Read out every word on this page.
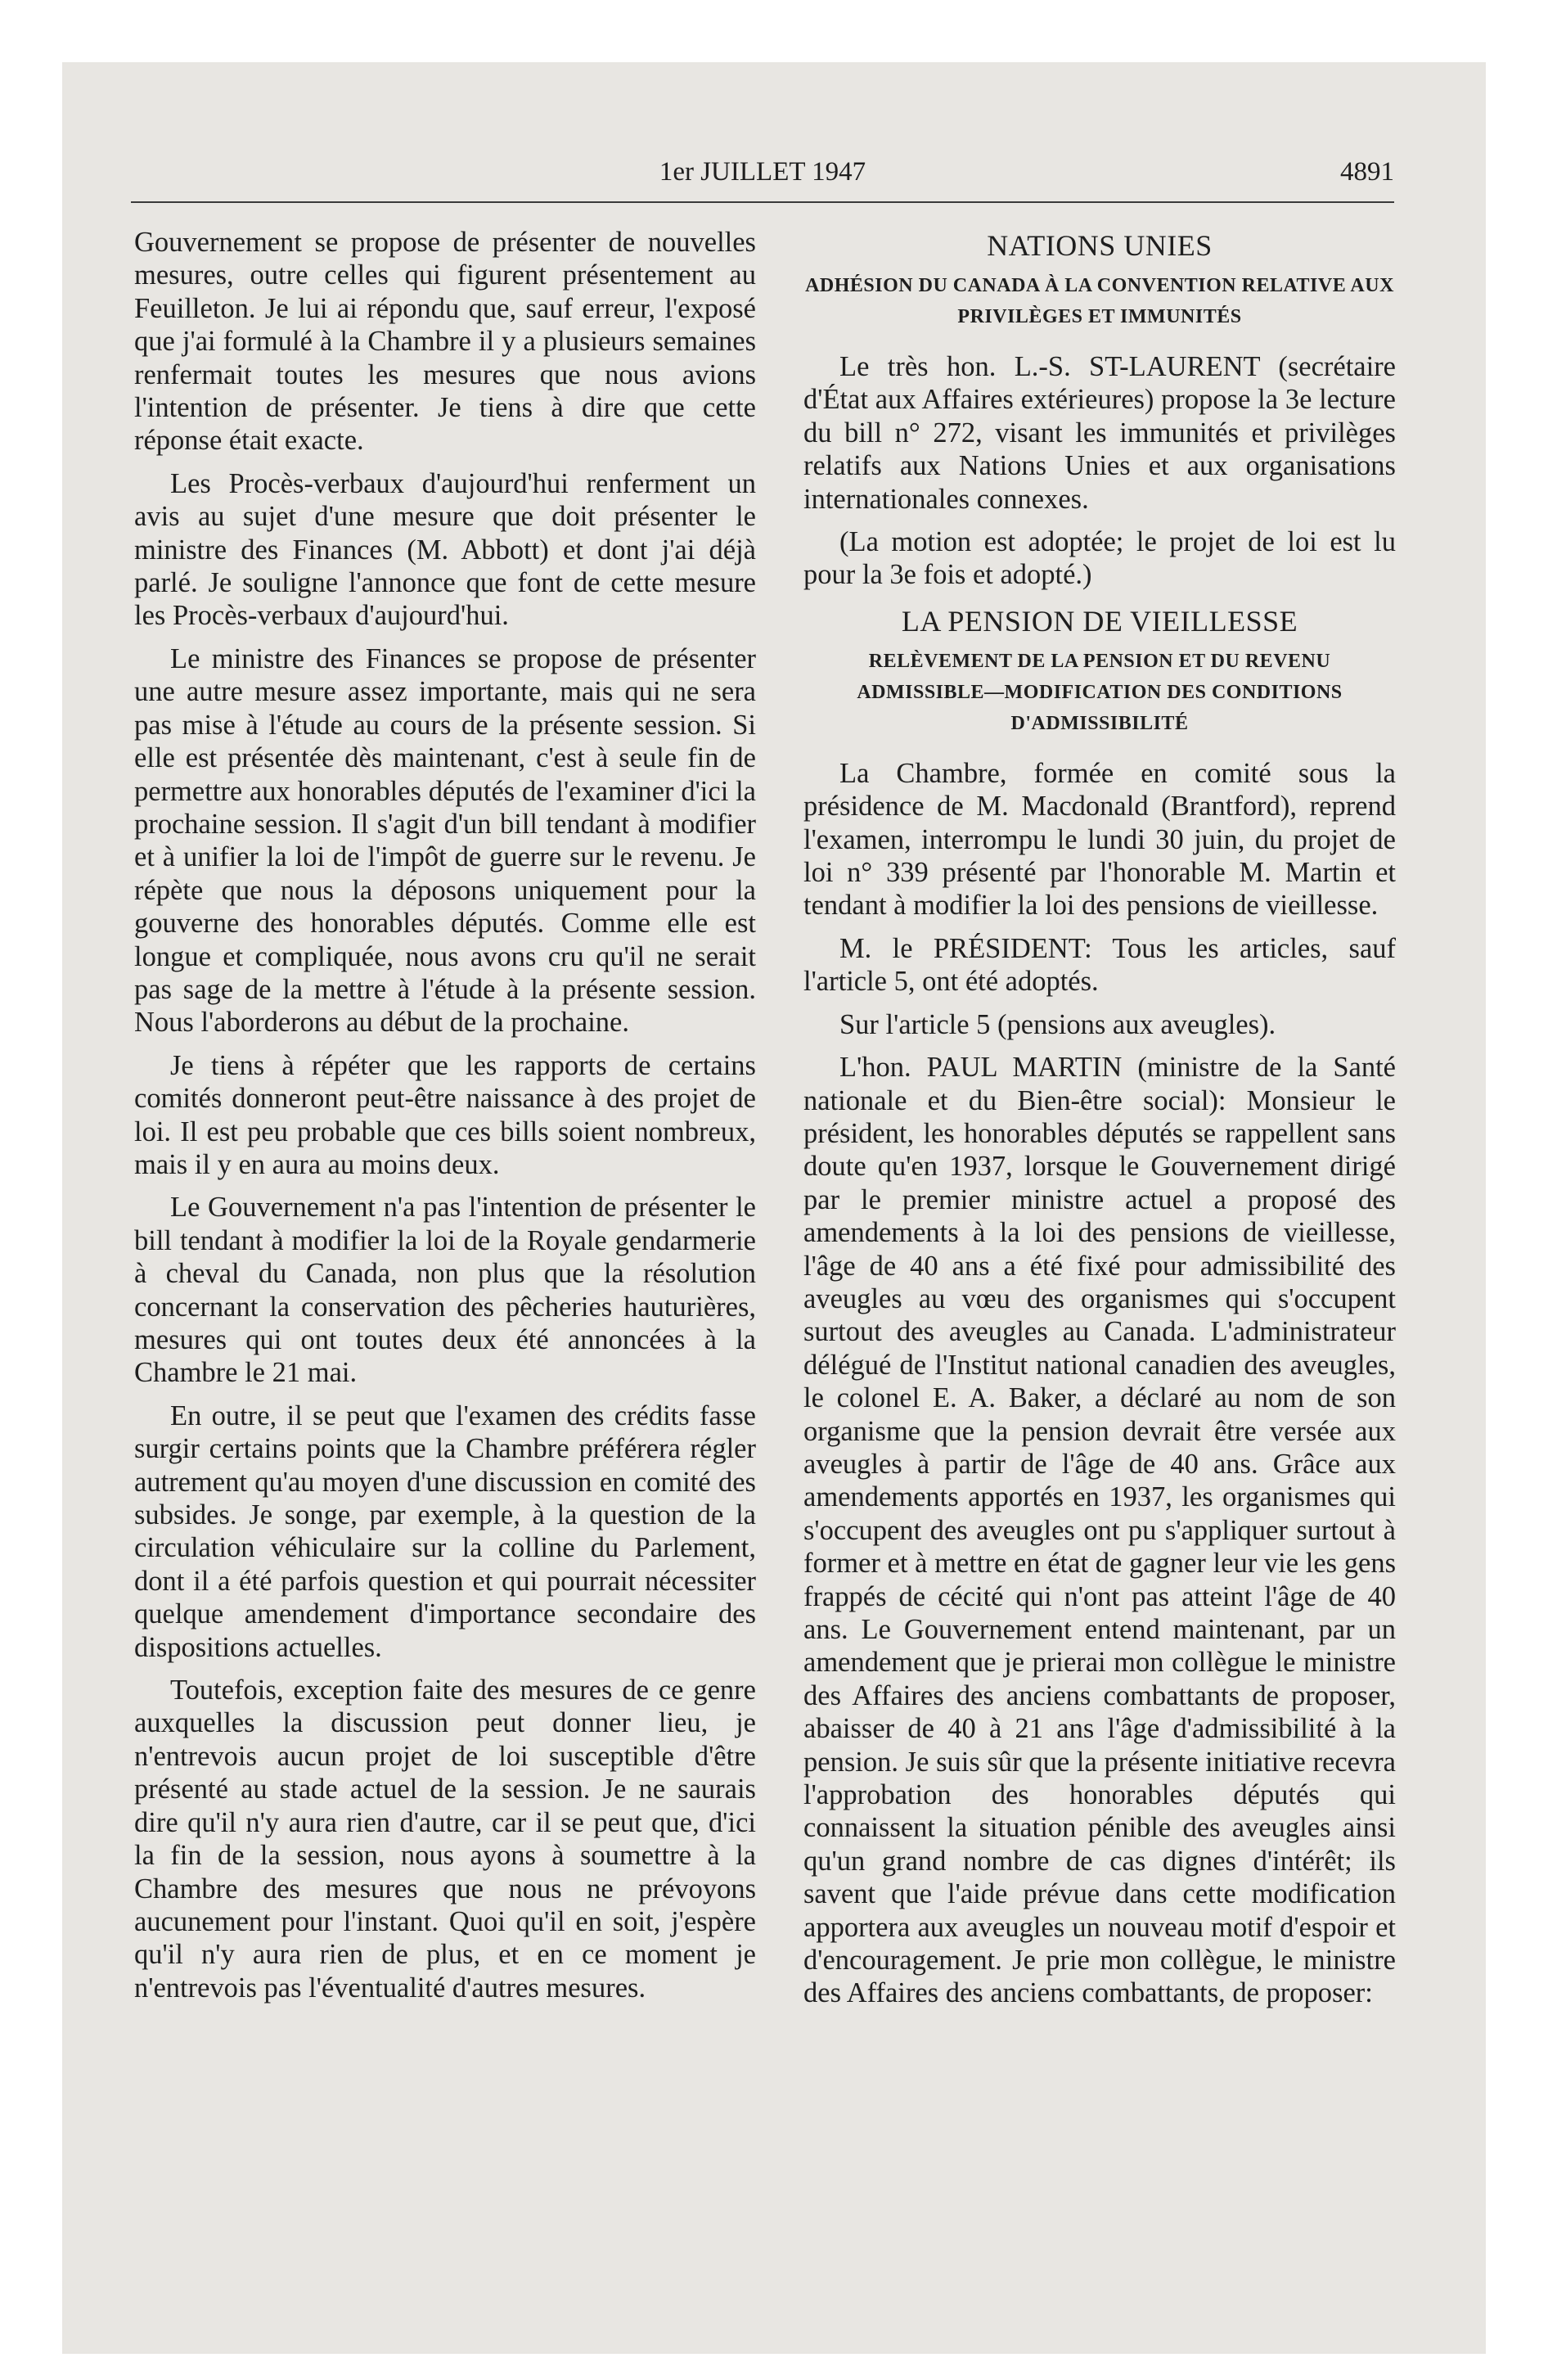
1er JUILLET 1947	4891

Gouvernement se propose de présenter de nouvelles mesures, outre celles qui figurent présentement au Feuilleton. Je lui ai répondu que, sauf erreur, l'exposé que j'ai formulé à la Chambre il y a plusieurs semaines renfermait toutes les mesures que nous avions l'intention de présenter. Je tiens à dire que cette réponse était exacte.

Les Procès-verbaux d'aujourd'hui renferment un avis au sujet d'une mesure que doit présenter le ministre des Finances (M. Abbott) et dont j'ai déjà parlé. Je souligne l'annonce que font de cette mesure les Procès-verbaux d'aujourd'hui.

Le ministre des Finances se propose de présenter une autre mesure assez importante, mais qui ne sera pas mise à l'étude au cours de la présente session. Si elle est présentée dès maintenant, c'est à seule fin de permettre aux honorables députés de l'examiner d'ici la prochaine session. Il s'agit d'un bill tendant à modifier et à unifier la loi de l'impôt de guerre sur le revenu. Je répète que nous la déposons uniquement pour la gouverne des honorables députés. Comme elle est longue et compliquée, nous avons cru qu'il ne serait pas sage de la mettre à l'étude à la présente session. Nous l'aborderons au début de la prochaine.

Je tiens à répéter que les rapports de certains comités donneront peut-être naissance à des projet de loi. Il est peu probable que ces bills soient nombreux, mais il y en aura au moins deux.

Le Gouvernement n'a pas l'intention de présenter le bill tendant à modifier la loi de la Royale gendarmerie à cheval du Canada, non plus que la résolution concernant la conservation des pêcheries hauturières, mesures qui ont toutes deux été annoncées à la Chambre le 21 mai.

En outre, il se peut que l'examen des crédits fasse surgir certains points que la Chambre préférera régler autrement qu'au moyen d'une discussion en comité des subsides. Je songe, par exemple, à la question de la circulation véhiculaire sur la colline du Parlement, dont il a été parfois question et qui pourrait nécessiter quelque amendement d'importance secondaire des dispositions actuelles.

Toutefois, exception faite des mesures de ce genre auxquelles la discussion peut donner lieu, je n'entrevois aucun projet de loi susceptible d'être présenté au stade actuel de la session. Je ne saurais dire qu'il n'y aura rien d'autre, car il se peut que, d'ici la fin de la session, nous ayons à soumettre à la Chambre des mesures que nous ne prévoyons aucunement pour l'instant. Quoi qu'il en soit, j'espère qu'il n'y aura rien de plus, et en ce moment je n'entrevois pas l'éventualité d'autres mesures.

NATIONS UNIES
ADHÉSION DU CANADA À LA CONVENTION RELATIVE AUX PRIVILÈGES ET IMMUNITÉS

Le très hon. L.-S. ST-LAURENT (secrétaire d'État aux Affaires extérieures) propose la 3e lecture du bill n° 272, visant les immunités et privilèges relatifs aux Nations Unies et aux organisations internationales connexes.

(La motion est adoptée; le projet de loi est lu pour la 3e fois et adopté.)

LA PENSION DE VIEILLESSE
RELÈVEMENT DE LA PENSION ET DU REVENU ADMISSIBLE—MODIFICATION DES CONDITIONS D'ADMISSIBILITÉ

La Chambre, formée en comité sous la présidence de M. Macdonald (Brantford), reprend l'examen, interrompu le lundi 30 juin, du projet de loi n° 339 présenté par l'honorable M. Martin et tendant à modifier la loi des pensions de vieillesse.

M. le PRÉSIDENT: Tous les articles, sauf l'article 5, ont été adoptés.

Sur l'article 5 (pensions aux aveugles).

L'hon. PAUL MARTIN (ministre de la Santé nationale et du Bien-être social): Monsieur le président, les honorables députés se rappellent sans doute qu'en 1937, lorsque le Gouvernement dirigé par le premier ministre actuel a proposé des amendements à la loi des pensions de vieillesse, l'âge de 40 ans a été fixé pour admissibilité des aveugles au vœu des organismes qui s'occupent surtout des aveugles au Canada. L'administrateur délégué de l'Institut national canadien des aveugles, le colonel E. A. Baker, a déclaré au nom de son organisme que la pension devrait être versée aux aveugles à partir de l'âge de 40 ans. Grâce aux amendements apportés en 1937, les organismes qui s'occupent des aveugles ont pu s'appliquer surtout à former et à mettre en état de gagner leur vie les gens frappés de cécité qui n'ont pas atteint l'âge de 40 ans. Le Gouvernement entend maintenant, par un amendement que je prierai mon collègue le ministre des Affaires des anciens combattants de proposer, abaisser de 40 à 21 ans l'âge d'admissibilité à la pension. Je suis sûr que la présente initiative recevra l'approbation des honorables députés qui connaissent la situation pénible des aveugles ainsi qu'un grand nombre de cas dignes d'intérêt; ils savent que l'aide prévue dans cette modification apportera aux aveugles un nouveau motif d'espoir et d'encouragement. Je prie mon collègue, le ministre des Affaires des anciens combattants, de proposer:
